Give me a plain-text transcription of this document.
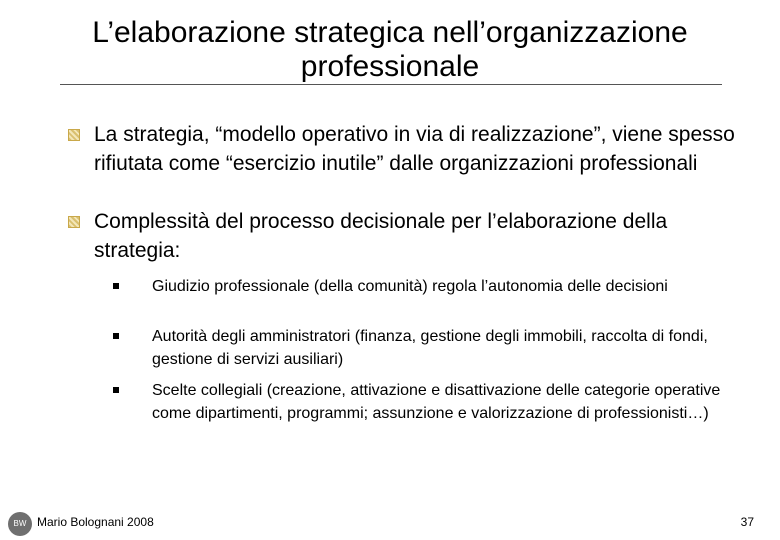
L’elaborazione strategica nell’organizzazione
professionale
La strategia, “modello operativo in via di realizzazione”, viene spesso rifiutata come “esercizio inutile” dalle organizzazioni professionali
Complessità del processo decisionale per l’elaborazione della strategia:
Giudizio professionale (della comunità) regola l’autonomia delle decisioni
Autorità degli amministratori (finanza, gestione degli immobili, raccolta di fondi, gestione di servizi ausiliari)
Scelte collegiali (creazione, attivazione e disattivazione delle categorie operative come dipartimenti, programmi; assunzione e valorizzazione di professionisti…)
BW Mario Bolognani 2008	37
